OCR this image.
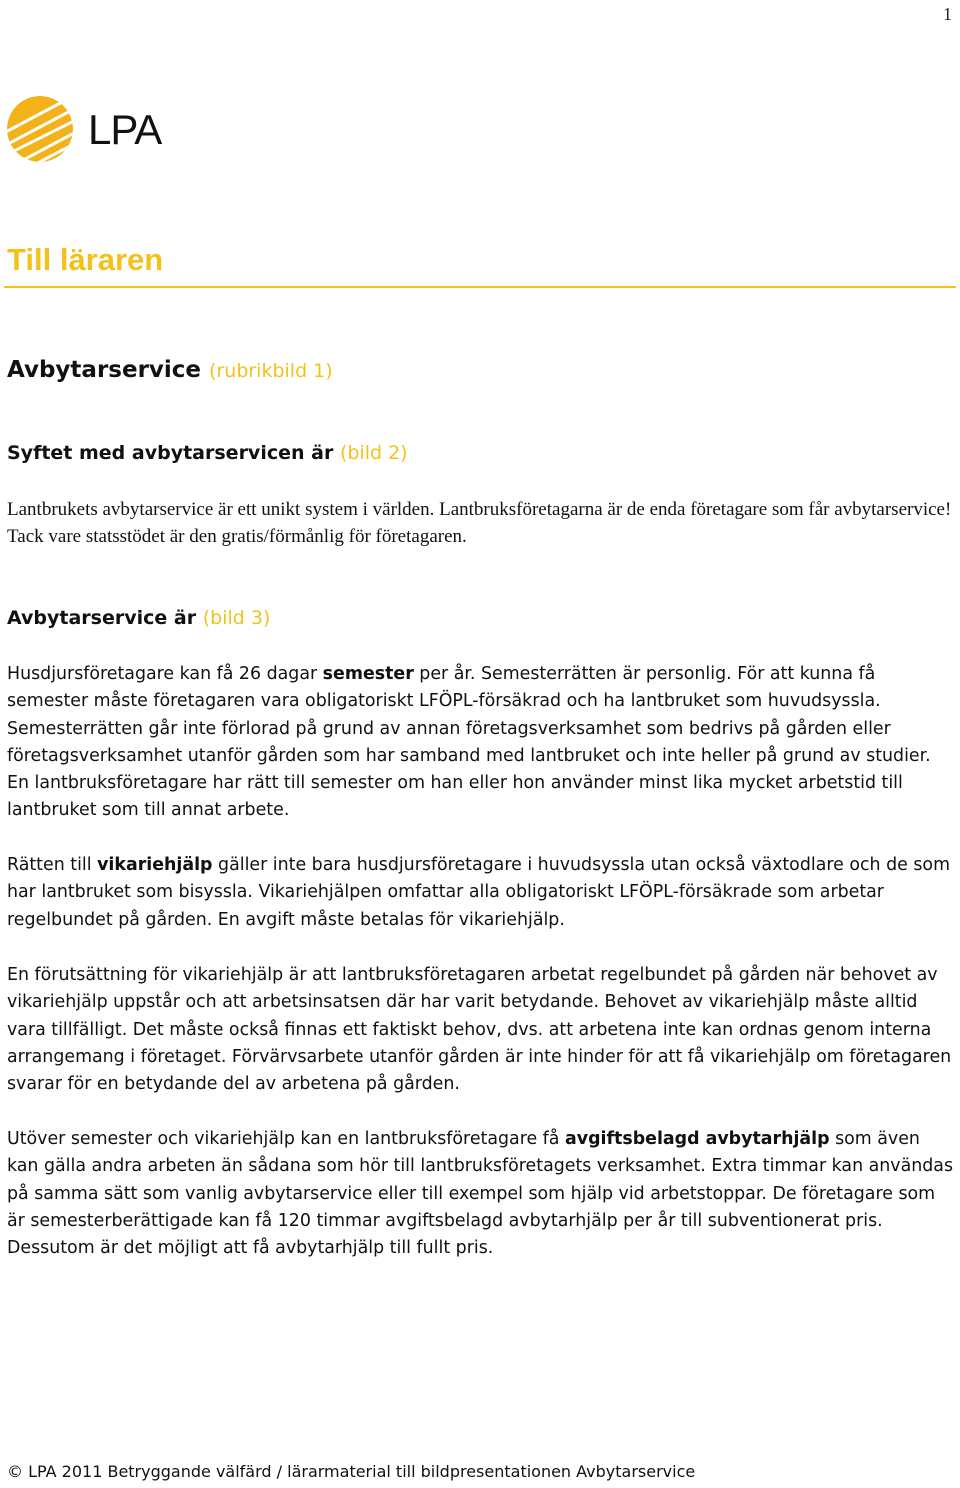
1
LPA
Till läraren
Avbytarservice (rubrikbild 1)
Syftet med avbytarservicen är (bild 2)

Lantbrukets avbytarservice är ett unikt system i världen. Lantbruksföretagarna är de enda företagare som får avbytarservice! Tack vare statsstödet är den gratis/förmånlig för företagaren.

Avbytarservice är (bild 3)

Husdjursföretagare kan få 26 dagar semester per år. Semesterrätten är personlig. För att kunna få semester måste företagaren vara obligatoriskt LFÖPL-försäkrad och ha lantbruket som huvudsyssla. Semesterrätten går inte förlorad på grund av annan företagsverksamhet som bedrivs på gården eller företagsverksamhet utanför gården som har samband med lantbruket och inte heller på grund av studier. En lantbruksföretagare har rätt till semester om han eller hon använder minst lika mycket arbetstid till lantbruket som till annat arbete.

Rätten till vikariehjälp gäller inte bara husdjursföretagare i huvudsyssla utan också växtodlare och de som har lantbruket som bisyssla. Vikariehjälpen omfattar alla obligatoriskt LFÖPL-försäkrade som arbetar regelbundet på gården. En avgift måste betalas för vikariehjälp.

En förutsättning för vikariehjälp är att lantbruksföretagaren arbetat regelbundet på gården när behovet av vikariehjälp uppstår och att arbetsinsatsen där har varit betydande. Behovet av vikariehjälp måste alltid vara tillfälligt. Det måste också finnas ett faktiskt behov, dvs. att arbetena inte kan ordnas genom interna arrangemang i företaget. Förvärvsarbete utanför gården är inte hinder för att få vikariehjälp om företagaren svarar för en betydande del av arbetena på gården.

Utöver semester och vikariehjälp kan en lantbruksföretagare få avgiftsbelagd avbytarhjälp som även kan gälla andra arbeten än sådana som hör till lantbruksföretagets verksamhet. Extra timmar kan användas på samma sätt som vanlig avbytarservice eller till exempel som hjälp vid arbetstoppar. De företagare som är semesterberättigade kan få 120 timmar avgiftsbelagd avbytarhjälp per år till subventionerat pris. Dessutom är det möjligt att få avbytarhjälp till fullt pris.

© LPA 2011 Betryggande välfärd / lärarmaterial till bildpresentationen Avbytarservice
